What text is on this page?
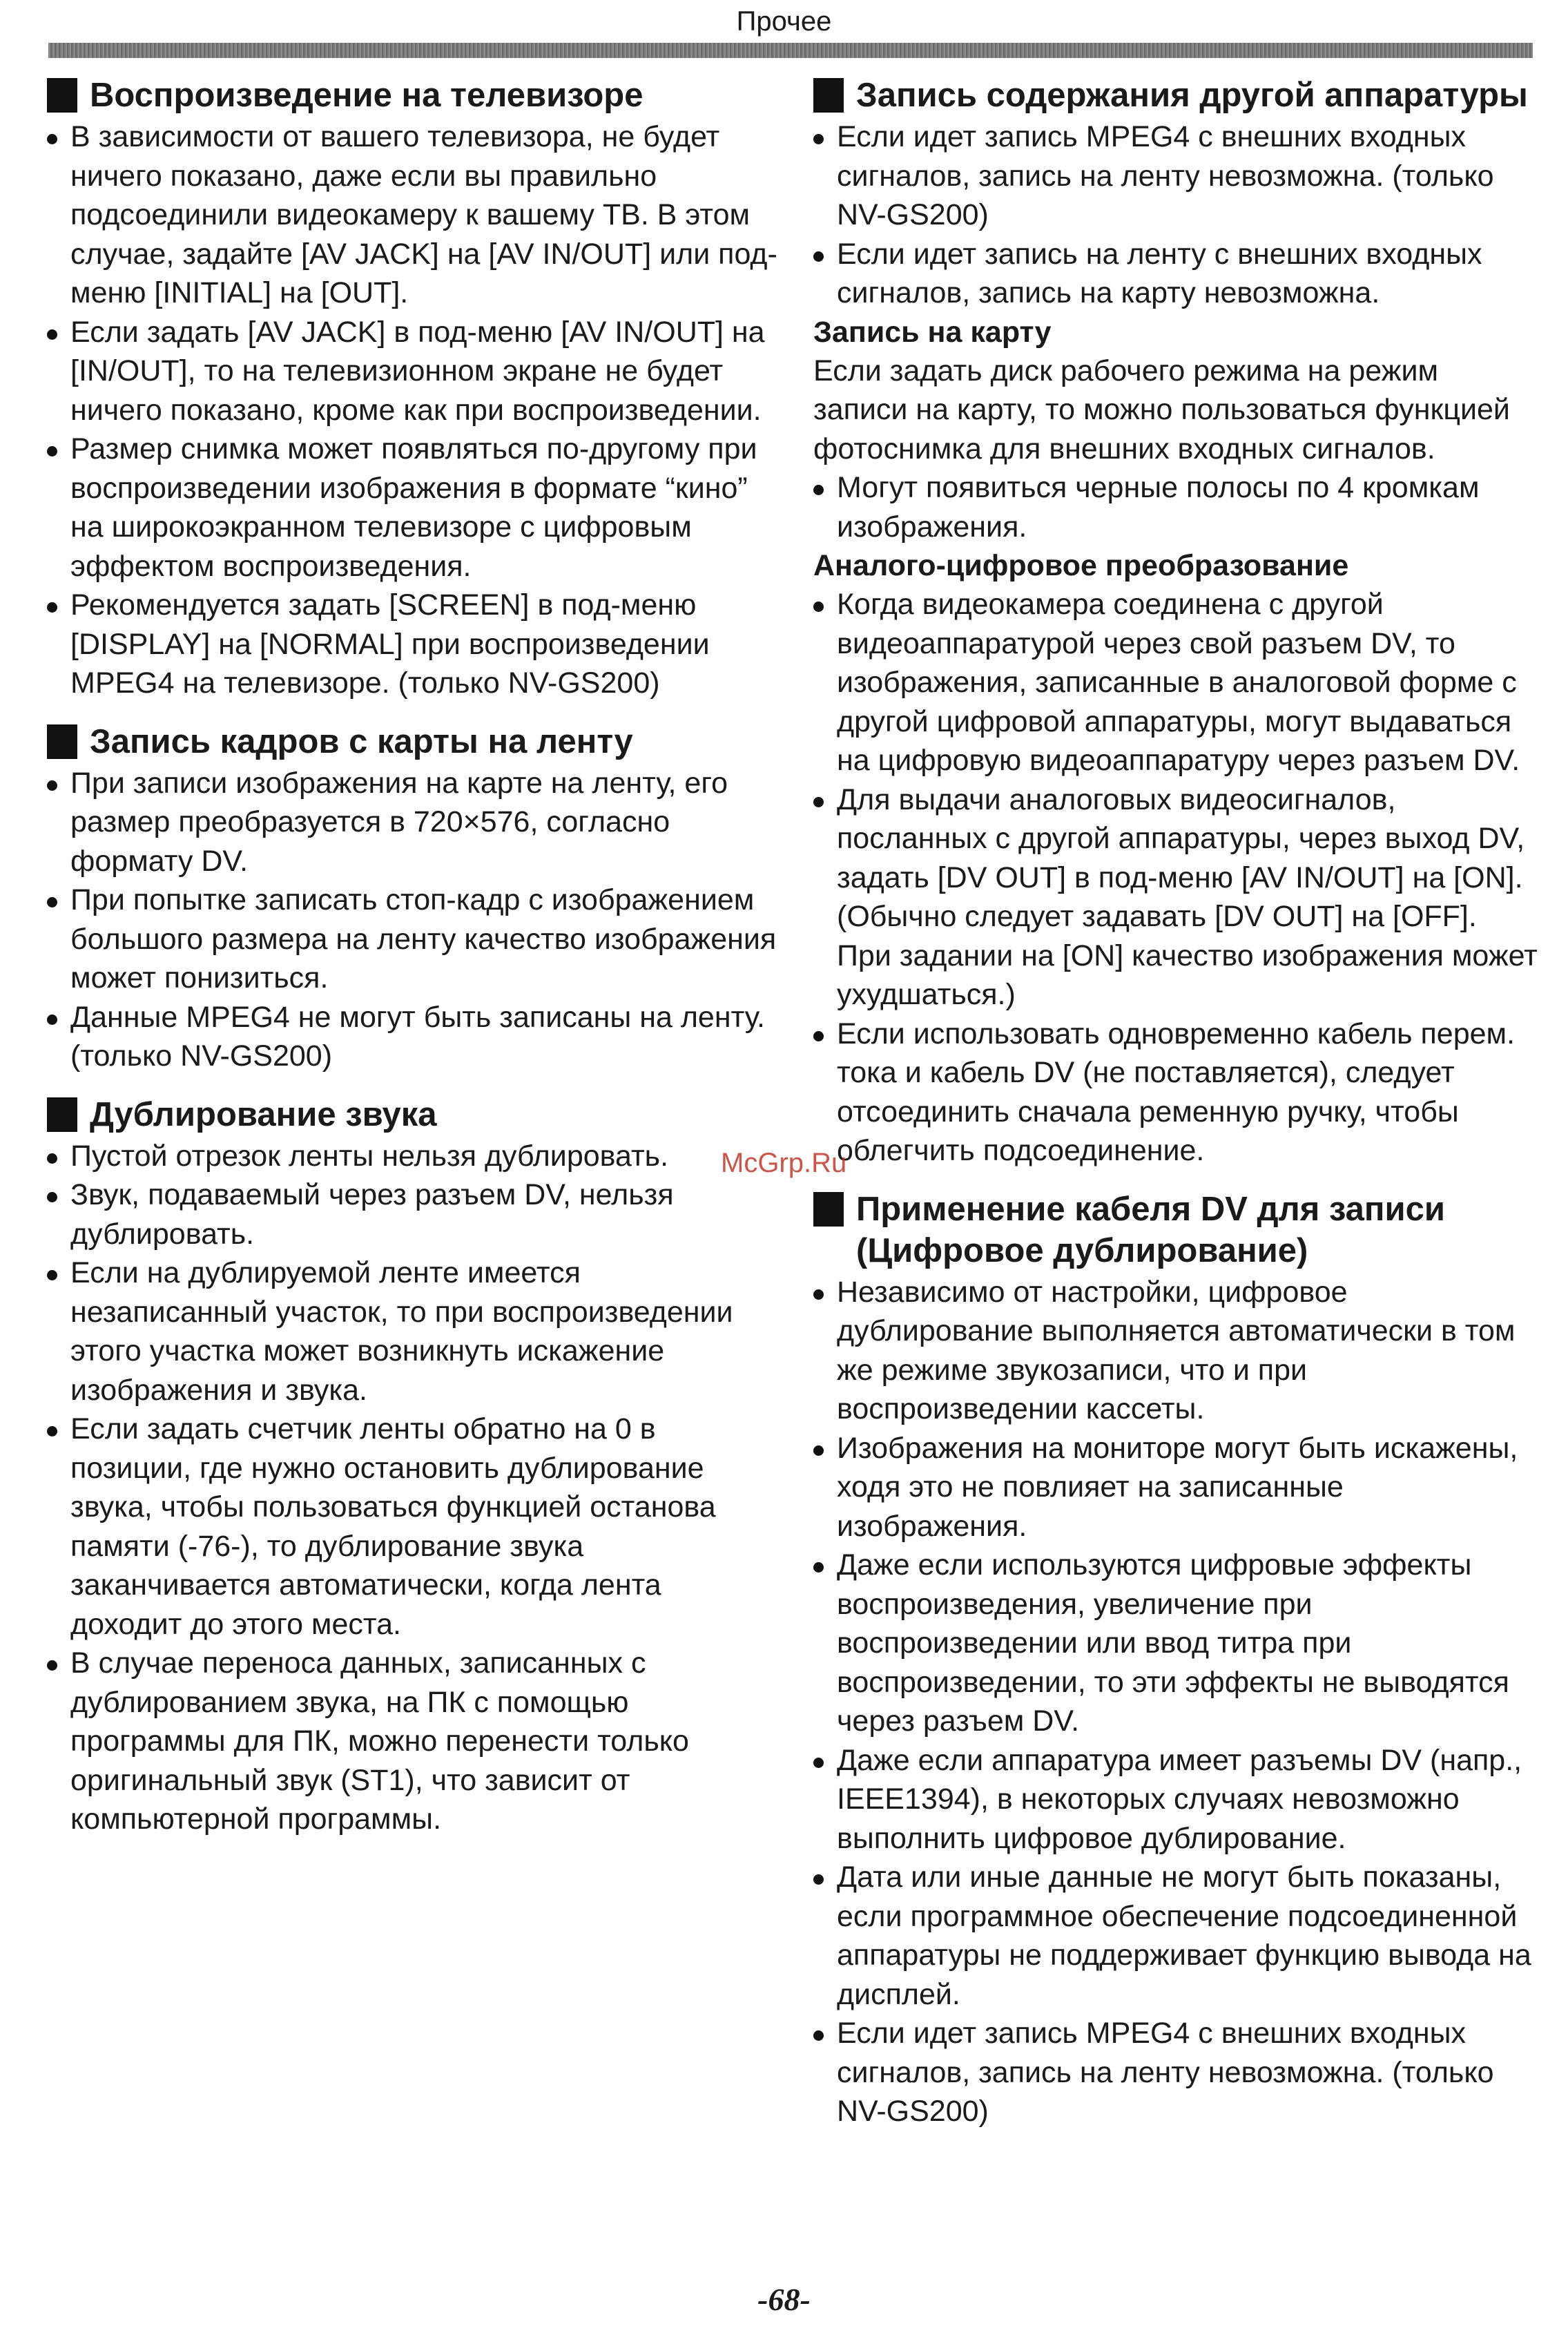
Прочее
Воспроизведение на телевизоре
В зависимости от вашего телевизора, не будет ничего показано, даже если вы правильно подсоединили видеокамеру к вашему ТВ. В этом случае, задайте [AV JACK] на [AV IN/OUT] или под-меню [INITIAL] на [OUT].
Если задать [AV JACK] в под-меню [AV IN/OUT] на [IN/OUT], то на телевизионном экране не будет ничего показано, кроме как при воспроизведении.
Размер снимка может появляться по-другому при воспроизведении изображения в формате “кино” на широкоэкранном телевизоре с цифровым эффектом воспроизведения.
Рекомендуется задать [SCREEN] в под-меню [DISPLAY] на [NORMAL] при воспроизведении MPEG4 на телевизоре. (только NV-GS200)
Запись кадров с карты на ленту
При записи изображения на карте на ленту, его размер преобразуется в 720×576, согласно формату DV.
При попытке записать стоп-кадр с изображением большого размера на ленту качество изображения может понизиться.
Данные MPEG4 не могут быть записаны на ленту. (только NV-GS200)
Дублирование звука
Пустой отрезок ленты нельзя дублировать.
Звук, подаваемый через разъем DV, нельзя дублировать.
Если на дублируемой ленте имеется незаписанный участок, то при воспроизведении этого участка может возникнуть искажение изображения и звука.
Если задать счетчик ленты обратно на 0 в позиции, где нужно остановить дублирование звука, чтобы пользоваться функцией останова памяти (-76-), то дублирование звука заканчивается автоматически, когда лента доходит до этого места.
В случае переноса данных, записанных с дублированием звука, на ПК с помощью программы для ПК, можно перенести только оригинальный звук (ST1), что зависит от компьютерной программы.
Запись содержания другой аппаратуры
Если идет запись MPEG4 с внешних входных сигналов, запись на ленту невозможна. (только NV-GS200)
Если идет запись на ленту с внешних входных сигналов, запись на карту невозможна.
Запись на карту
Если задать диск рабочего режима на режим записи на карту, то можно пользоваться функцией фотоснимка для внешних входных сигналов.
Могут появиться черные полосы по 4 кромкам изображения.
Аналого-цифровое преобразование
Когда видеокамера соединена с другой видеоаппаратурой через свой разъем DV, то изображения, записанные в аналоговой форме с другой цифровой аппаратуры, могут выдаваться на цифровую видеоаппаратуру через разъем DV.
Для выдачи аналоговых видеосигналов, посланных с другой аппаратуры, через выход DV, задать [DV OUT] в под-меню [AV IN/OUT] на [ON]. (Обычно следует задавать [DV OUT] на [OFF]. При задании на [ON] качество изображения может ухудшаться.)
Если использовать одновременно кабель перем. тока и кабель DV (не поставляется), следует отсоединить сначала ременную ручку, чтобы облегчить подсоединение.
Применение кабеля DV для записи (Цифровое дублирование)
Независимо от настройки, цифровое дублирование выполняется автоматически в том же режиме звукозаписи, что и при воспроизведении кассеты.
Изображения на мониторе могут быть искажены, ходя это не повлияет на записанные изображения.
Даже если используются цифровые эффекты воспроизведения, увеличение при воспроизведении или ввод титра при воспроизведении, то эти эффекты не выводятся через разъем DV.
Даже если аппаратура имеет разъемы DV (напр., IEEE1394), в некоторых случаях невозможно выполнить цифровое дублирование.
Дата или иные данные не могут быть показаны, если программное обеспечение подсоединенной аппаратуры не поддерживает функцию вывода на дисплей.
Если идет запись MPEG4 с внешних входных сигналов, запись на ленту невозможна. (только NV-GS200)
McGrp.Ru
-68-
